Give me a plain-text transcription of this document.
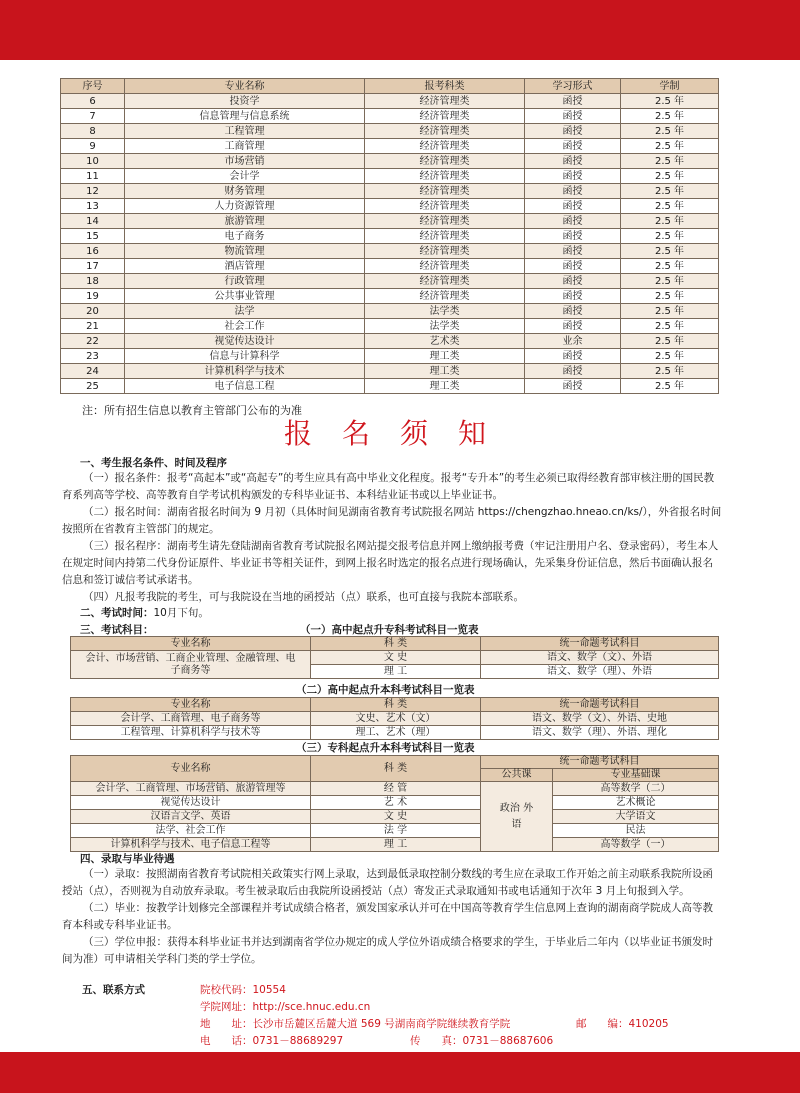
序号	专业名称	报考科类	学习形式	学制
6	投资学	经济管理类	函授	2.5 年
7	信息管理与信息系统	经济管理类	函授	2.5 年
8	工程管理	经济管理类	函授	2.5 年
9	工商管理	经济管理类	函授	2.5 年
10	市场营销	经济管理类	函授	2.5 年
11	会计学	经济管理类	函授	2.5 年
12	财务管理	经济管理类	函授	2.5 年
13	人力资源管理	经济管理类	函授	2.5 年
14	旅游管理	经济管理类	函授	2.5 年
15	电子商务	经济管理类	函授	2.5 年
16	物流管理	经济管理类	函授	2.5 年
17	酒店管理	经济管理类	函授	2.5 年
18	行政管理	经济管理类	函授	2.5 年
19	公共事业管理	经济管理类	函授	2.5 年
20	法学	法学类	函授	2.5 年
21	社会工作	法学类	函授	2.5 年
22	视觉传达设计	艺术类	业余	2.5 年
23	信息与计算科学	理工类	函授	2.5 年
24	计算机科学与技术	理工类	函授	2.5 年
25	电子信息工程	理工类	函授	2.5 年
注：所有招生信息以教育主管部门公布的为准
报名须知
一、考生报名条件、时间及程序

（一）报名条件：报考“高起本”或“高起专”的考生应具有高中毕业文化程度。报考“专升本”的考生必须已取得经教育部审核注册的国民教育系列高等学校、高等教育自学考试机构颁发的专科毕业证书、本科结业证书或以上毕业证书。

（二）报名时间：湖南省报名时间为 9 月初（具体时间见湖南省教育考试院报名网站 https://chengzhao.hneao.cn/ks/），外省报名时间按照所在省教育主管部门的规定。

（三）报名程序：湖南考生请先登陆湖南省教育考试院报名网站提交报考信息并网上缴纳报考费（牢记注册用户名、登录密码），考生本人在规定时间内持第二代身份证原件、毕业证书等相关证件，到网上报名时选定的报名点进行现场确认，先采集身份证信息，然后书面确认报名信息和签订诚信考试承诺书。

（四）凡报考我院的考生，可与我院设在当地的函授站（点）联系，也可直接与我院本部联系。

二、考试时间：10月下旬。
三、考试科目：	（一）高中起点升专科考试科目一览表
专业名称	科 类	统一命题考试科目
会计、市场营销、工商企业管理、金融管理、电子商务等	文 史	语文、数学（文）、外语
	理 工	语文、数学（理）、外语
（二）高中起点升本科考试科目一览表
专业名称	科 类	统一命题考试科目
会计学、工商管理、电子商务等	文史、艺术（文）	语文、数学（文）、外语、史地
工程管理、计算机科学与技术等	理工、艺术（理）	语文、数学（理）、外语、理化
（三）专科起点升本科考试科目一览表
专业名称	科 类	统一命题考试科目	
		公共课	专业基础课
会计学、工商管理、市场营销、旅游管理等	经 管	政治 外语	高等数学（二）
视觉传达设计	艺 术		艺术概论
汉语言文学、英语	文 史		大学语文
法学、社会工作	法 学		民法
计算机科学与技术、电子信息工程等	理 工		高等数学（一）
四、录取与毕业待遇

（一）录取：按照湖南省教育考试院相关政策实行网上录取，达到最低录取控制分数线的考生应在录取工作开始之前主动联系我院所设函授站（点），否则视为自动放弃录取。考生被录取后由我院所设函授站（点）寄发正式录取通知书或电话通知于次年 3 月上旬报到入学。

（二）毕业：按教学计划修完全部课程并考试成绩合格者，颁发国家承认并可在中国高等教育学生信息网上查询的湖南商学院成人高等教育本科或专科毕业证书。

（三）学位申报：获得本科毕业证书并达到湖南省学位办规定的成人学位外语成绩合格要求的学生，于毕业后二年内（以毕业证书颁发时间为准）可申请相关学科门类的学士学位。

五、联系方式	院校代码：10554
学院网址：http://sce.hnuc.edu.cn
地　　址：长沙市岳麓区岳麓大道 569 号湖南商学院继续教育学院	邮　　编：410205
电　　话：0731－88689297	传　　真：0731－88687606
